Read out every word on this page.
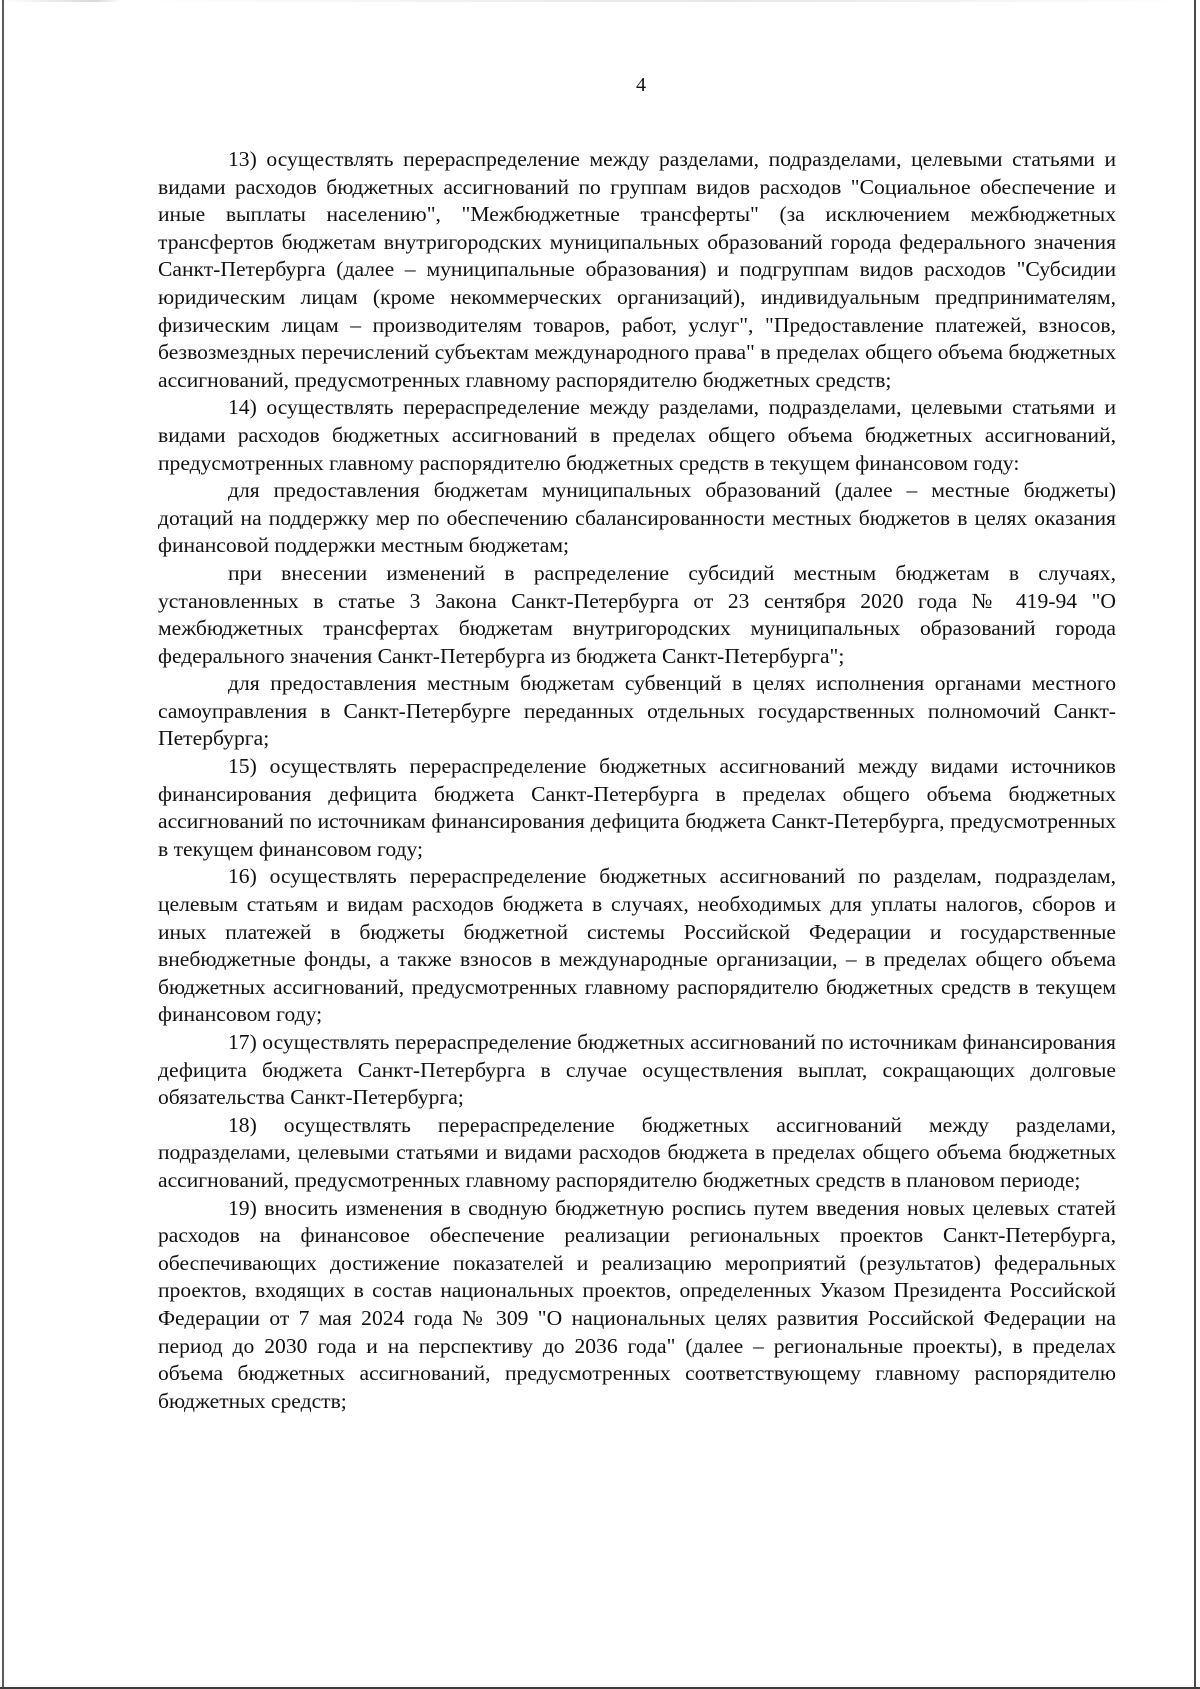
4

13) осуществлять перераспределение между разделами, подразделами, целевыми статьями и видами расходов бюджетных ассигнований по группам видов расходов "Социальное обеспечение и иные выплаты населению", "Межбюджетные трансферты" (за исключением межбюджетных трансфертов бюджетам внутригородских муниципальных образований города федерального значения Санкт-Петербурга (далее – муниципальные образования) и подгруппам видов расходов "Субсидии юридическим лицам (кроме некоммерческих организаций), индивидуальным предпринимателям, физическим лицам – производителям товаров, работ, услуг", "Предоставление платежей, взносов, безвозмездных перечислений субъектам международного права" в пределах общего объема бюджетных ассигнований, предусмотренных главному распорядителю бюджетных средств;

14) осуществлять перераспределение между разделами, подразделами, целевыми статьями и видами расходов бюджетных ассигнований в пределах общего объема бюджетных ассигнований, предусмотренных главному распорядителю бюджетных средств в текущем финансовом году:

для предоставления бюджетам муниципальных образований (далее – местные бюджеты) дотаций на поддержку мер по обеспечению сбалансированности местных бюджетов в целях оказания финансовой поддержки местным бюджетам;

при внесении изменений в распределение субсидий местным бюджетам в случаях, установленных в статье 3 Закона Санкт-Петербурга от 23 сентября 2020 года № 419-94 "О межбюджетных трансфертах бюджетам внутригородских муниципальных образований города федерального значения Санкт-Петербурга из бюджета Санкт-Петербурга";

для предоставления местным бюджетам субвенций в целях исполнения органами местного самоуправления в Санкт-Петербурге переданных отдельных государственных полномочий Санкт-Петербурга;

15) осуществлять перераспределение бюджетных ассигнований между видами источников финансирования дефицита бюджета Санкт-Петербурга в пределах общего объема бюджетных ассигнований по источникам финансирования дефицита бюджета Санкт-Петербурга, предусмотренных в текущем финансовом году;

16) осуществлять перераспределение бюджетных ассигнований по разделам, подразделам, целевым статьям и видам расходов бюджета в случаях, необходимых для уплаты налогов, сборов и иных платежей в бюджеты бюджетной системы Российской Федерации и государственные внебюджетные фонды, а также взносов в международные организации, – в пределах общего объема бюджетных ассигнований, предусмотренных главному распорядителю бюджетных средств в текущем финансовом году;

17) осуществлять перераспределение бюджетных ассигнований по источникам финансирования дефицита бюджета Санкт-Петербурга в случае осуществления выплат, сокращающих долговые обязательства Санкт-Петербурга;

18) осуществлять перераспределение бюджетных ассигнований между разделами, подразделами, целевыми статьями и видами расходов бюджета в пределах общего объема бюджетных ассигнований, предусмотренных главному распорядителю бюджетных средств в плановом периоде;

19) вносить изменения в сводную бюджетную роспись путем введения новых целевых статей расходов на финансовое обеспечение реализации региональных проектов Санкт-Петербурга, обеспечивающих достижение показателей и реализацию мероприятий (результатов) федеральных проектов, входящих в состав национальных проектов, определенных Указом Президента Российской Федерации от 7 мая 2024 года № 309 "О национальных целях развития Российской Федерации на период до 2030 года и на перспективу до 2036 года" (далее – региональные проекты), в пределах объема бюджетных ассигнований, предусмотренных соответствующему главному распорядителю бюджетных средств;
